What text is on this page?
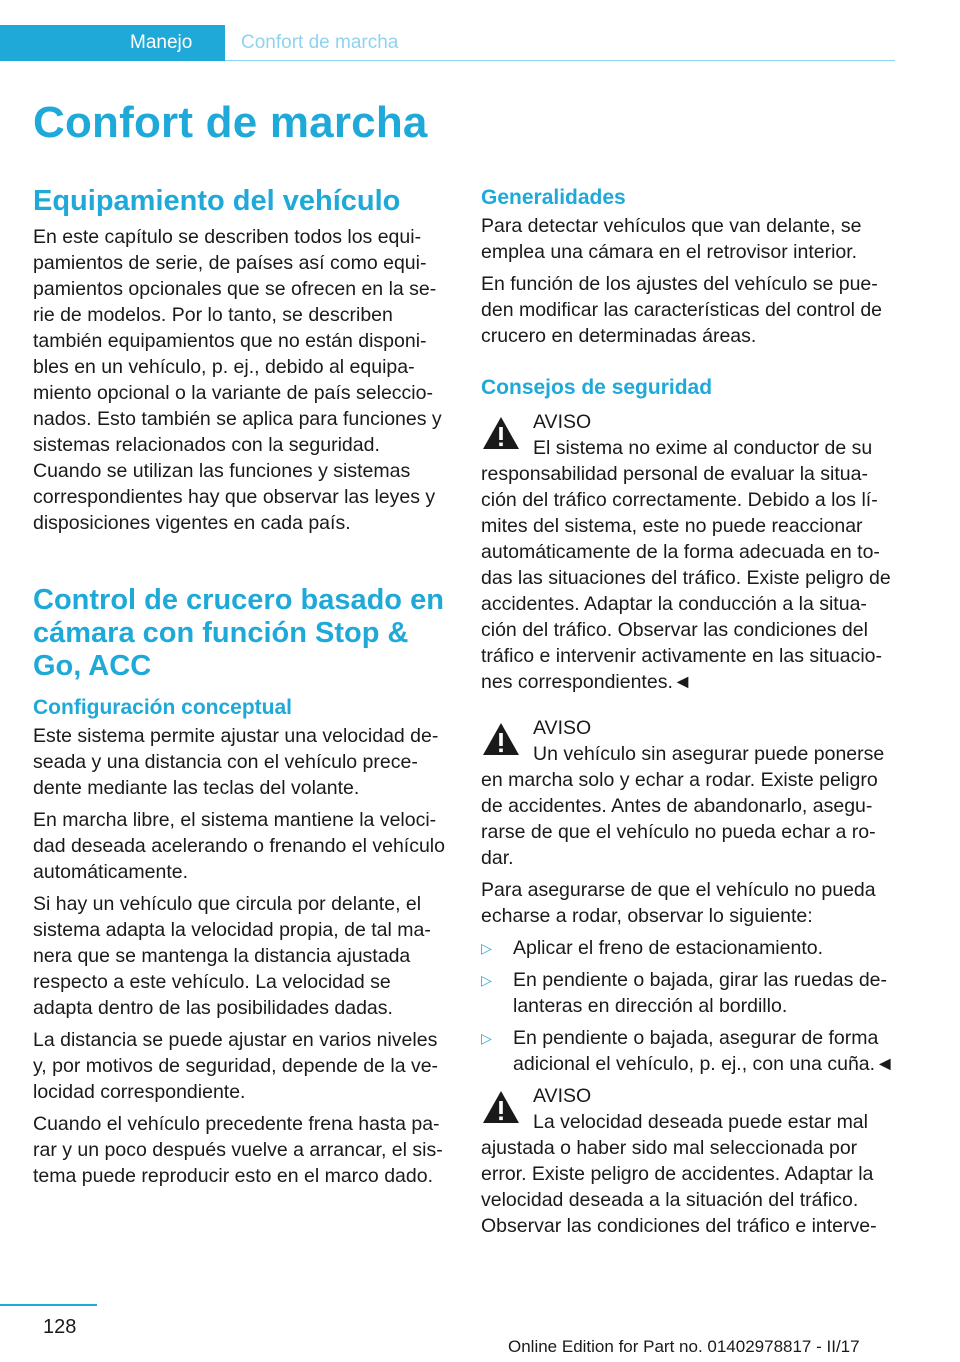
Manejo	Confort de marcha
Confort de marcha
Equipamiento del vehículo

En este capítulo se describen todos los equi-pamientos de serie, de países así como equi-pamientos opcionales que se ofrecen en la se-rie de modelos. Por lo tanto, se describen también equipamientos que no están disponi-bles en un vehículo, p. ej., debido al equipa-miento opcional o la variante de país seleccio-nados. Esto también se aplica para funciones y sistemas relacionados con la seguridad. Cuando se utilizan las funciones y sistemas correspondientes hay que observar las leyes y disposiciones vigentes en cada país.

Control de crucero basado en cámara con función Stop & Go, ACC
Configuración conceptual

Este sistema permite ajustar una velocidad de-seada y una distancia con el vehículo prece-dente mediante las teclas del volante.

En marcha libre, el sistema mantiene la veloci-dad deseada acelerando o frenando el vehículo automáticamente.

Si hay un vehículo que circula por delante, el sistema adapta la velocidad propia, de tal ma-nera que se mantenga la distancia ajustada respecto a este vehículo. La velocidad se adapta dentro de las posibilidades dadas.

La distancia se puede ajustar en varios niveles y, por motivos de seguridad, depende de la ve-locidad correspondiente.

Cuando el vehículo precedente frena hasta pa-rar y un poco después vuelve a arrancar, el sis-tema puede reproducir esto en el marco dado.

Generalidades

Para detectar vehículos que van delante, se emplea una cámara en el retrovisor interior.

En función de los ajustes del vehículo se pue-den modificar las características del control de crucero en determinadas áreas.

Consejos de seguridad

AVISO

El sistema no exime al conductor de su responsabilidad personal de evaluar la situa-ción del tráfico correctamente. Debido a los lí-mites del sistema, este no puede reaccionar automáticamente de la forma adecuada en to-das las situaciones del tráfico. Existe peligro de accidentes. Adaptar la conducción a la situa-ción del tráfico. Observar las condiciones del tráfico e intervenir activamente en las situacio-nes correspondientes.◄

AVISO

Un vehículo sin asegurar puede ponerse en marcha solo y echar a rodar. Existe peligro de accidentes. Antes de abandonarlo, asegu-rarse de que el vehículo no pueda echar a ro-dar.

Para asegurarse de que el vehículo no pueda echarse a rodar, observar lo siguiente:

▷ Aplicar el freno de estacionamiento.
▷ En pendiente o bajada, girar las ruedas de-lanteras en dirección al bordillo.
▷ En pendiente o bajada, asegurar de forma adicional el vehículo, p. ej., con una cuña.◄

AVISO

La velocidad deseada puede estar mal ajustada o haber sido mal seleccionada por error. Existe peligro de accidentes. Adaptar la velocidad deseada a la situación del tráfico. Observar las condiciones del tráfico e interve-

128
Online Edition for Part no. 01402978817 - II/17
